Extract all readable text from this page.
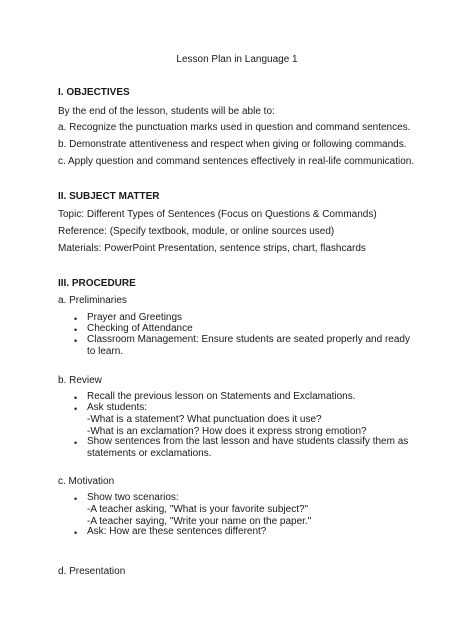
Lesson Plan in Language 1
I. OBJECTIVES
By the end of the lesson, students will be able to:
a. Recognize the punctuation marks used in question and command sentences.
b. Demonstrate attentiveness and respect when giving or following commands.
c. Apply question and command sentences effectively in real-life communication.
II. SUBJECT MATTER
Topic: Different Types of Sentences (Focus on Questions & Commands)
Reference: (Specify textbook, module, or online sources used)
Materials: PowerPoint Presentation, sentence strips, chart, flashcards
III. PROCEDURE
a. Preliminaries
• Prayer and Greetings
• Checking of Attendance
• Classroom Management: Ensure students are seated properly and ready to learn.
b. Review
• Recall the previous lesson on Statements and Exclamations.
• Ask students:
-What is a statement? What punctuation does it use?
-What is an exclamation? How does it express strong emotion?
• Show sentences from the last lesson and have students classify them as statements or exclamations.
c. Motivation
• Show two scenarios:
-A teacher asking, "What is your favorite subject?"
-A teacher saying, "Write your name on the paper."
• Ask: How are these sentences different?
d. Presentation
